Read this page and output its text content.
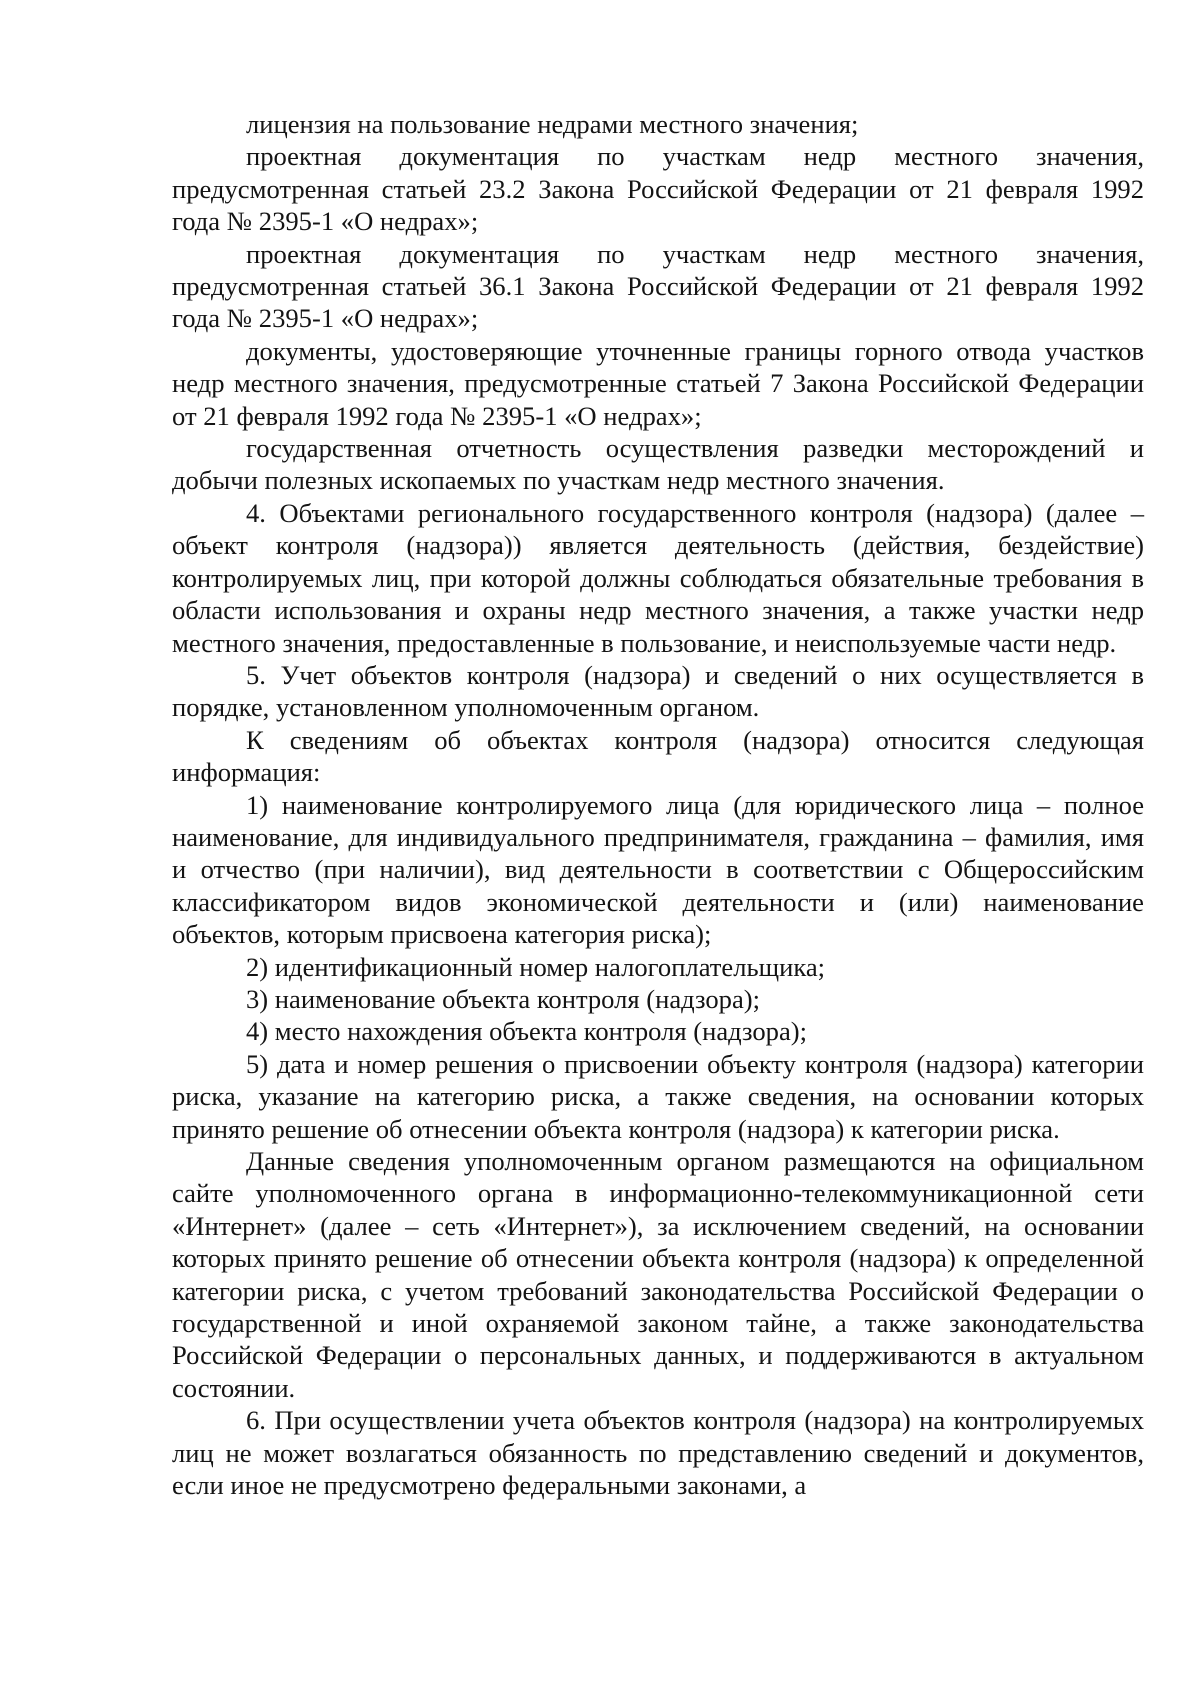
лицензия на пользование недрами местного значения;

проектная документация по участкам недр местного значения, предусмотренная статьей 23.2 Закона Российской Федерации от 21 февраля 1992 года № 2395-1 «О недрах»;

проектная документация по участкам недр местного значения, предусмотренная статьей 36.1 Закона Российской Федерации от 21 февраля 1992 года № 2395-1 «О недрах»;

документы, удостоверяющие уточненные границы горного отвода участков недр местного значения, предусмотренные статьей 7 Закона Российской Федерации от 21 февраля 1992 года № 2395-1 «О недрах»;

государственная отчетность осуществления разведки месторождений и добычи полезных ископаемых по участкам недр местного значения.

4. Объектами регионального государственного контроля (надзора) (далее – объект контроля (надзора)) является деятельность (действия, бездействие) контролируемых лиц, при которой должны соблюдаться обязательные требования в области использования и охраны недр местного значения, а также участки недр местного значения, предоставленные в пользование, и неиспользуемые части недр.

5. Учет объектов контроля (надзора) и сведений о них осуществляется в порядке, установленном уполномоченным органом.

К сведениям об объектах контроля (надзора) относится следующая информация:

1) наименование контролируемого лица (для юридического лица – полное наименование, для индивидуального предпринимателя, гражданина – фамилия, имя и отчество (при наличии), вид деятельности в соответствии с Общероссийским классификатором видов экономической деятельности и (или) наименование объектов, которым присвоена категория риска);

2) идентификационный номер налогоплательщика;

3) наименование объекта контроля (надзора);

4) место нахождения объекта контроля (надзора);

5) дата и номер решения о присвоении объекту контроля (надзора) категории риска, указание на категорию риска, а также сведения, на основании которых принято решение об отнесении объекта контроля (надзора) к категории риска.

Данные сведения уполномоченным органом размещаются на официальном сайте уполномоченного органа в информационно-телекоммуникационной сети «Интернет» (далее – сеть «Интернет»), за исключением сведений, на основании которых принято решение об отнесении объекта контроля (надзора) к определенной категории риска, с учетом требований законодательства Российской Федерации о государственной и иной охраняемой законом тайне, а также законодательства Российской Федерации о персональных данных, и поддерживаются в актуальном состоянии.

6. При осуществлении учета объектов контроля (надзора) на контролируемых лиц не может возлагаться обязанность по представлению сведений и документов, если иное не предусмотрено федеральными законами, а
